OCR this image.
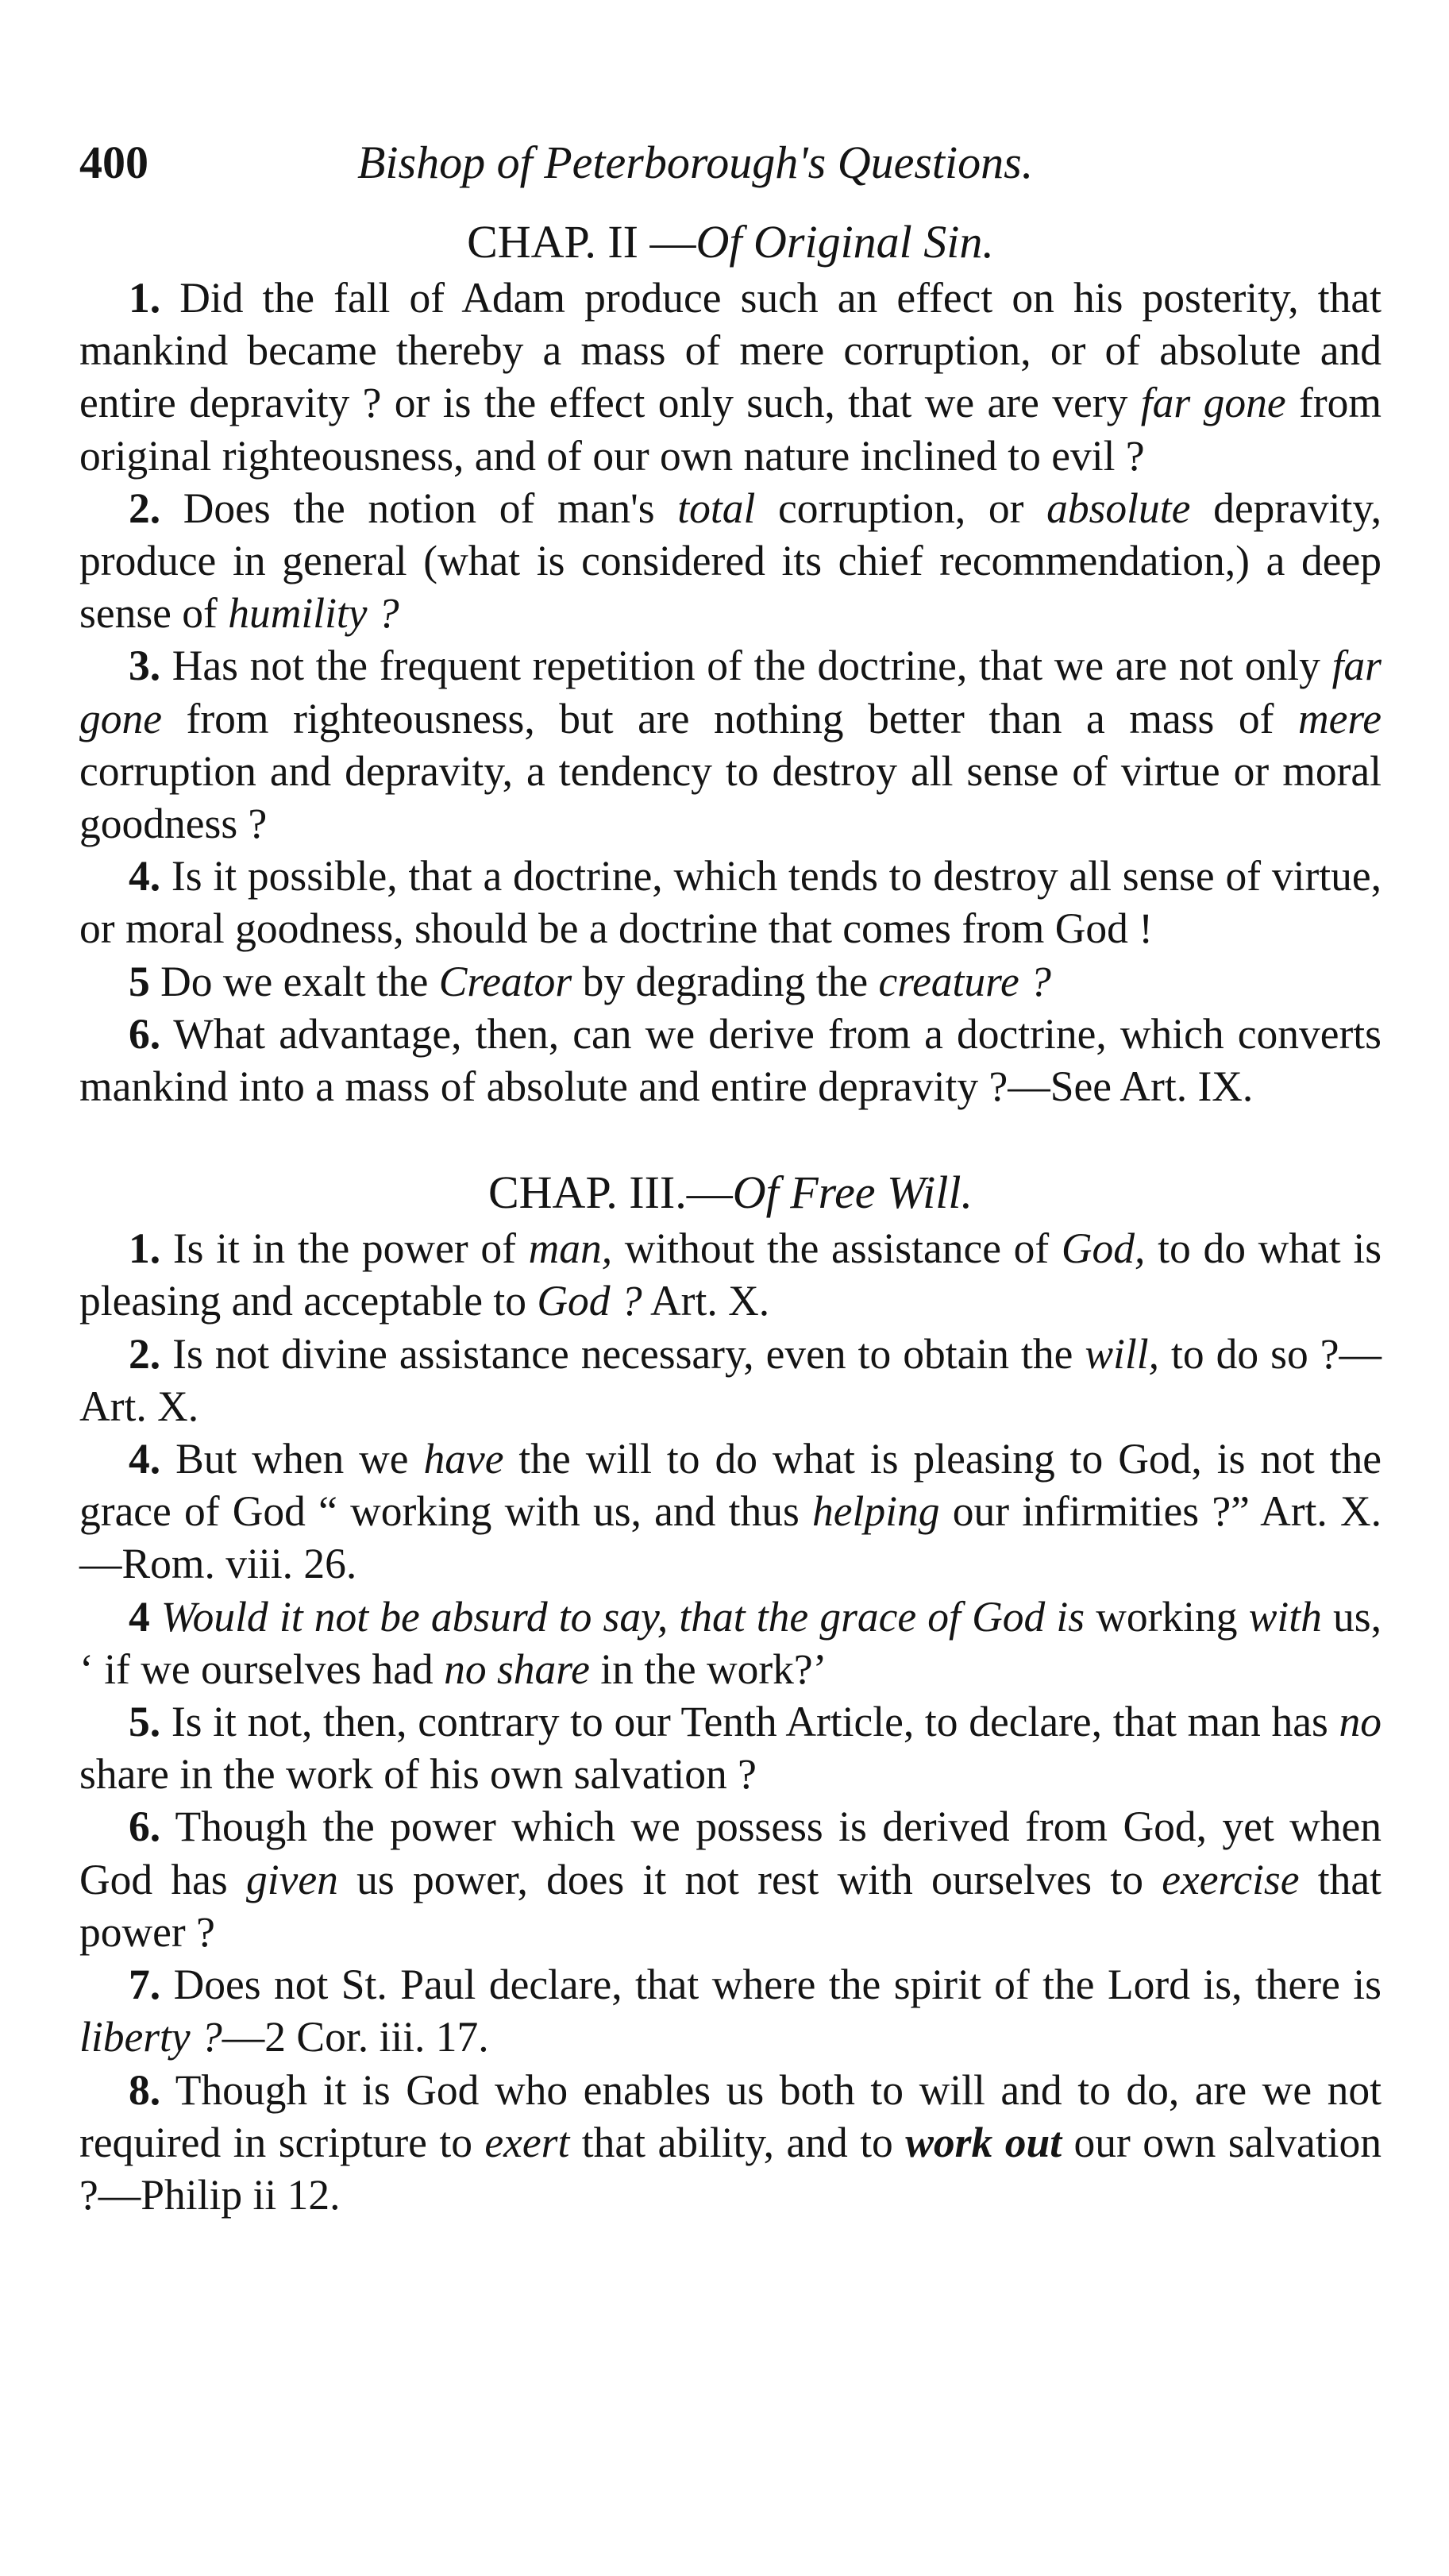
400	Bishop of Peterborough's Questions.
CHAP. II —Of Original Sin.

1. Did the fall of Adam produce such an effect on his posterity, that mankind became thereby a mass of mere corruption, or of absolute and entire depravity ? or is the effect only such, that we are very far gone from original righteousness, and of our own nature inclined to evil ?

2. Does the notion of man's total corruption, or absolute depravity, produce in general (what is considered its chief recommendation,) a deep sense of humility ?

3. Has not the frequent repetition of the doctrine, that we are not only far gone from righteousness, but are nothing better than a mass of mere corruption and depravity, a tendency to destroy all sense of virtue or moral goodness ?

4. Is it possible, that a doctrine, which tends to destroy all sense of virtue, or moral goodness, should be a doctrine that comes from God !

5 Do we exalt the Creator by degrading the creature ?

6. What advantage, then, can we derive from a doctrine, which converts mankind into a mass of absolute and entire depravity ?—See Art. IX.

CHAP. III.—Of Free Will.

1. Is it in the power of man, without the assistance of God, to do what is pleasing and acceptable to God ? Art. X.

2. Is not divine assistance necessary, even to obtain the will, to do so ?—Art. X.

4. But when we have the will to do what is pleasing to God, is not the grace of God “ working with us, and thus helping our infirmities ?” Art. X.—Rom. viii. 26.

4 Would it not be absurd to say, that the grace of God is working with us, ‘ if we ourselves had no share in the work?’

5. Is it not, then, contrary to our Tenth Article, to declare, that man has no share in the work of his own salvation ?

6. Though the power which we possess is derived from God, yet when God has given us power, does it not rest with ourselves to exercise that power ?

7. Does not St. Paul declare, that where the spirit of the Lord is, there is liberty ?—2 Cor. iii. 17.

8. Though it is God who enables us both to will and to do, are we not required in scripture to exert that ability, and to work out our own salvation ?—Philip ii 12.
